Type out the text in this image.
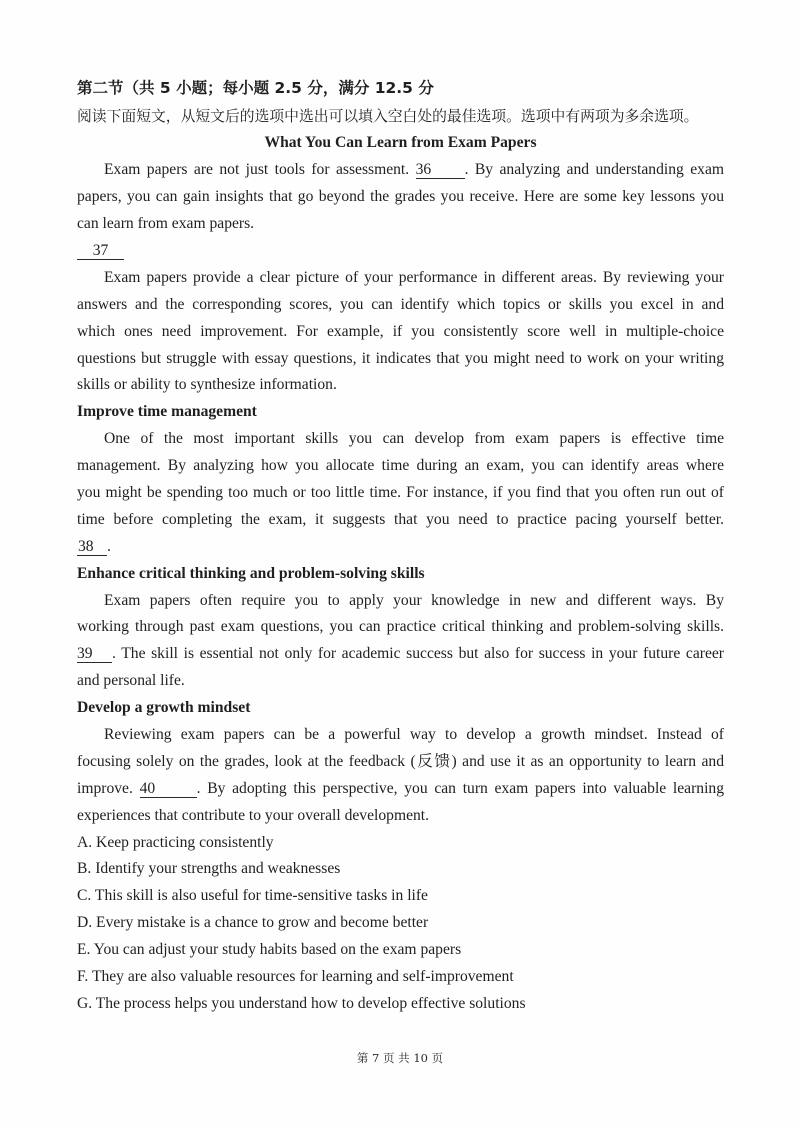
第二节（共 5 小题；每小题 2.5 分，满分 12.5 分
阅读下面短文，从短文后的选项中选出可以填入空白处的最佳选项。选项中有两项为多余选项。
What You Can Learn from Exam Papers
Exam papers are not just tools for assessment. 36 . By analyzing and understanding exam
papers, you can gain insights that go beyond the grades you receive. Here are some key lessons you
can learn from exam papers.
37
Exam papers provide a clear picture of your performance in different areas. By reviewing your
answers and the corresponding scores, you can identify which topics or skills you excel in and
which ones need improvement. For example, if you consistently score well in multiple-choice
questions but struggle with essay questions, it indicates that you might need to work on your writing
skills or ability to synthesize information.
Improve time management
One of the most important skills you can develop from exam papers is effective time
management. By analyzing how you allocate time during an exam, you can identify areas where
you might be spending too much or too little time. For instance, if you find that you often run out of
time before completing the exam, it suggests that you need to practice pacing yourself better.
38 .
Enhance critical thinking and problem-solving skills
Exam papers often require you to apply your knowledge in new and different ways. By
working through past exam questions, you can practice critical thinking and problem-solving skills.
39 . The skill is essential not only for academic success but also for success in your future career
and personal life.
Develop a growth mindset
Reviewing exam papers can be a powerful way to develop a growth mindset. Instead of
focusing solely on the grades, look at the feedback (反馈) and use it as an opportunity to learn and
improve. 40	. By adopting this perspective, you can turn exam papers into valuable learning
experiences that contribute to your overall development.
A. Keep practicing consistently
B. Identify your strengths and weaknesses
C. This skill is also useful for time-sensitive tasks in life
D. Every mistake is a chance to grow and become better
E. You can adjust your study habits based on the exam papers
F. They are also valuable resources for learning and self-improvement
G. The process helps you understand how to develop effective solutions
第 7 页 共 10 页
